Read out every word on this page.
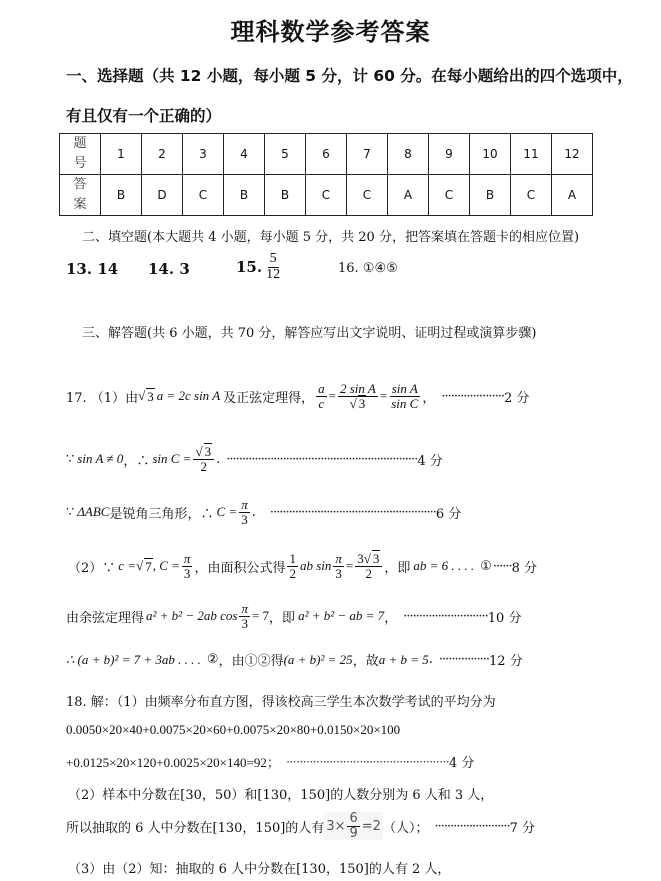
理科数学参考答案
一、选择题（共 12 小题，每小题 5 分，计 60 分。在每小题给出的四个选项中，
有且仅有一个正确的）
题
号	1	2	3	4	5	6	7	8	9	10	11	12

答
案	B	D	C	B	B	C	C	A	C	B	C	A
二、填空题(本大题共 4 小题，每小题 5 分，共 20 分，把答案填在答题卡的相应位置)
13. 14 14. 3	15. $\frac{5}{12}$	16. ①④⑤
三、解答题(共 6 小题，共 70 分，解答应写出文字说明、证明过程或演算步骤)
17. （1）由 √ 3 a = 2c sin A 及正弦定理得， $\frac{a}{c} = \frac{\text{2 sin A}}{√ 3} = \frac{\text{sin A}}{\text{sin C}}$ ， ···················· 2 分
∵ sin A ≠ 0 ，∴ $\sin C = \frac{√ 3}{2}$ . ····························································· 4 分
∵ ΔABC 是锐角三角形，∴ $C = \frac{\pi}{3}$ . ····················································· 6 分
（2）∵ c = √ 7 , $C = \frac{\pi}{3}$ ，由面积公式得 $\frac{1}{2}$ ab $\sin \frac{\pi}{3} = \frac{3√ 3}{2}$ ，即 ab = 6 . . . . ① ······ 8 分
由余弦定理得 a² + b² − 2ab $\cos \frac{\pi}{3} = 7$ ，即 a² + b² − ab = 7 ， ··························· 10 分
∴ (a + b)² = 7 + 3ab . . . . ② ，由①②得 (a + b)² = 25 ，故 a + b = 5 . ················ 12 分
18. 解：（1）由频率分布直方图，得该校高三学生本次数学考试的平均分为
0.0050×20×40+0.0075×20×60+0.0075×20×80+0.0150×20×100
+0.0125×20×120+0.0025×20×140=92； ················································· 4 分
（2）样本中分数在[30，50）和[130，150]的人数分别为 6 人和 3 人，
所以抽取的 6 人中分数在[130，150]的人有 $3\times \frac{6}{9} =2$ （人）； ························ 7 分
（3）由（2）知：抽取的 6 人中分数在[130，150]的人有 2 人，
